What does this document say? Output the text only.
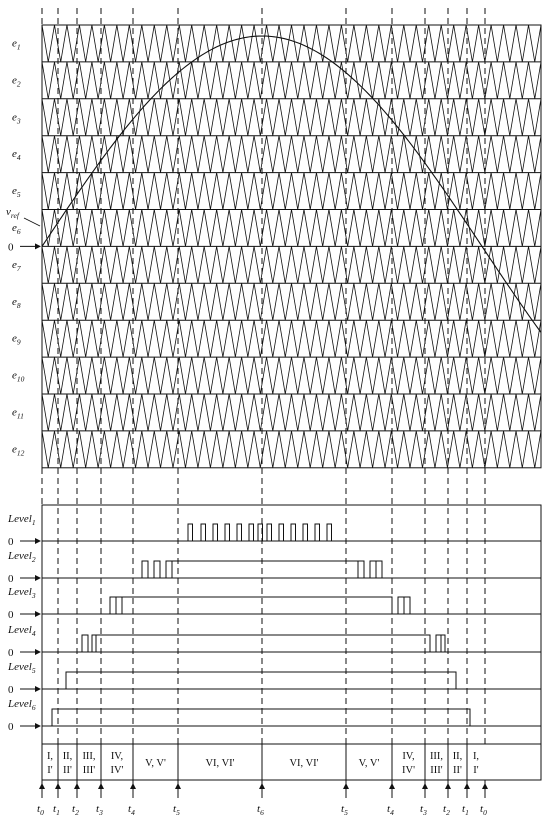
$e_1$
$e_2$
$e_3$
$e_4$
$e_5$
$e_6$
$e_7$
$e_8$
$e_9$
$e_{10}$
$e_{11}$
$e_{12}$
0
$v_{ref}$
Level$_1$
0
Level$_2$
0
Level$_3$
0
Level$_4$
0
Level$_5$
0
Level$_6$
0
I,
I'
II,
II'
III,
III'
IV,
IV'
V, V'	VI, VI'	VI, VI'	V, V'
IV,
IV'
III,
III'
II,
II'
I,
I'
$t_0$ $t_1$ $t_2$ $t_3$ $t_4$	$t_5$	$t_6$	$t_5$	$t_4$ $t_3$ $t_2$ $t_1$ $t_0$
